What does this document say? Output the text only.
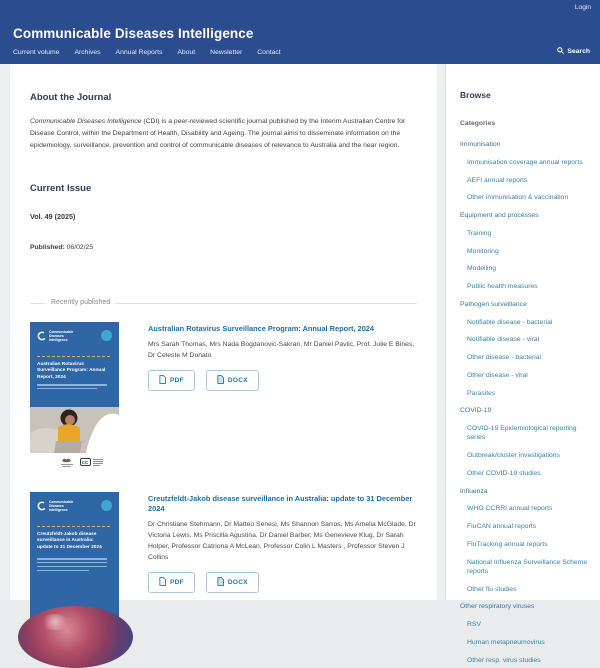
Login
Communicable Diseases Intelligence
Current volume Archives Annual Reports About Newsletter Contact	Search
About the Journal

Communicable Diseases Intelligence (CDI) is a peer-reviewed scientific journal published by the Interim Australian Centre for Disease Control, within the Department of Health, Disability and Ageing. The journal aims to disseminate information on the epidemiology, surveillance, prevention and control of communicable diseases of relevance to Australia and the near region.

Current Issue
Vol. 49 (2025)
Published: 06/02/25
Recently published
Communicable Diseases Intelligence
Australian Rotavirus Surveillance Program: Annual Report, 2024
CC
Australian Rotavirus Surveillance Program: Annual Report, 2024
Mrs Sarah Thomas, Mrs Nada Bogdanovic-Sakran, Mr Daniel Pavlic, Prof. Julie E Bines, Dr Celeste M Donato
PDF	DOCX
Communicable Diseases Intelligence
Creutzfeldt-Jakob disease surveillance in Australia: update to 31 December 2024
Creutzfeldt-Jakob disease surveillance in Australia: update to 31 December 2024
Dr Christiane Stehmann, Dr Matteo Senesi, Ms Shannon Sarros, Ms Amelia McGlade, Dr Victoria Lewis, Ms Priscilla Agustina, Dr Daniel Barber, Ms Genevieve Klug, Dr Sarah Holper, Professor Catriona A McLean, Professor Colin L Masters , Professor Steven J Collins
PDF	DOCX
Browse
Categories
Immunisation
Immunisation coverage annual reports
AEFI annual reports
Other immunisation & vaccination
Equipment and processes
Training
Monitoring
Modelling
Public health measures
Pathogen surveillance
Notifiable disease - bacterial
Notifiable disease - viral
Other disease - bacterial
Other disease - viral
Parasites
COVID-19
COVID-19 Epidemiological reporting series
Outbreak/cluster investigations
Other COVID-19 studies
Influenza
WHO CCRRI annual reports
FluCAN annual reports
FluTracking annual reports
National Influenza Surveillance Scheme reports
Other flu studies
Other respiratory viruses
RSV
Human metapneumovirus
Other resp. virus studies
